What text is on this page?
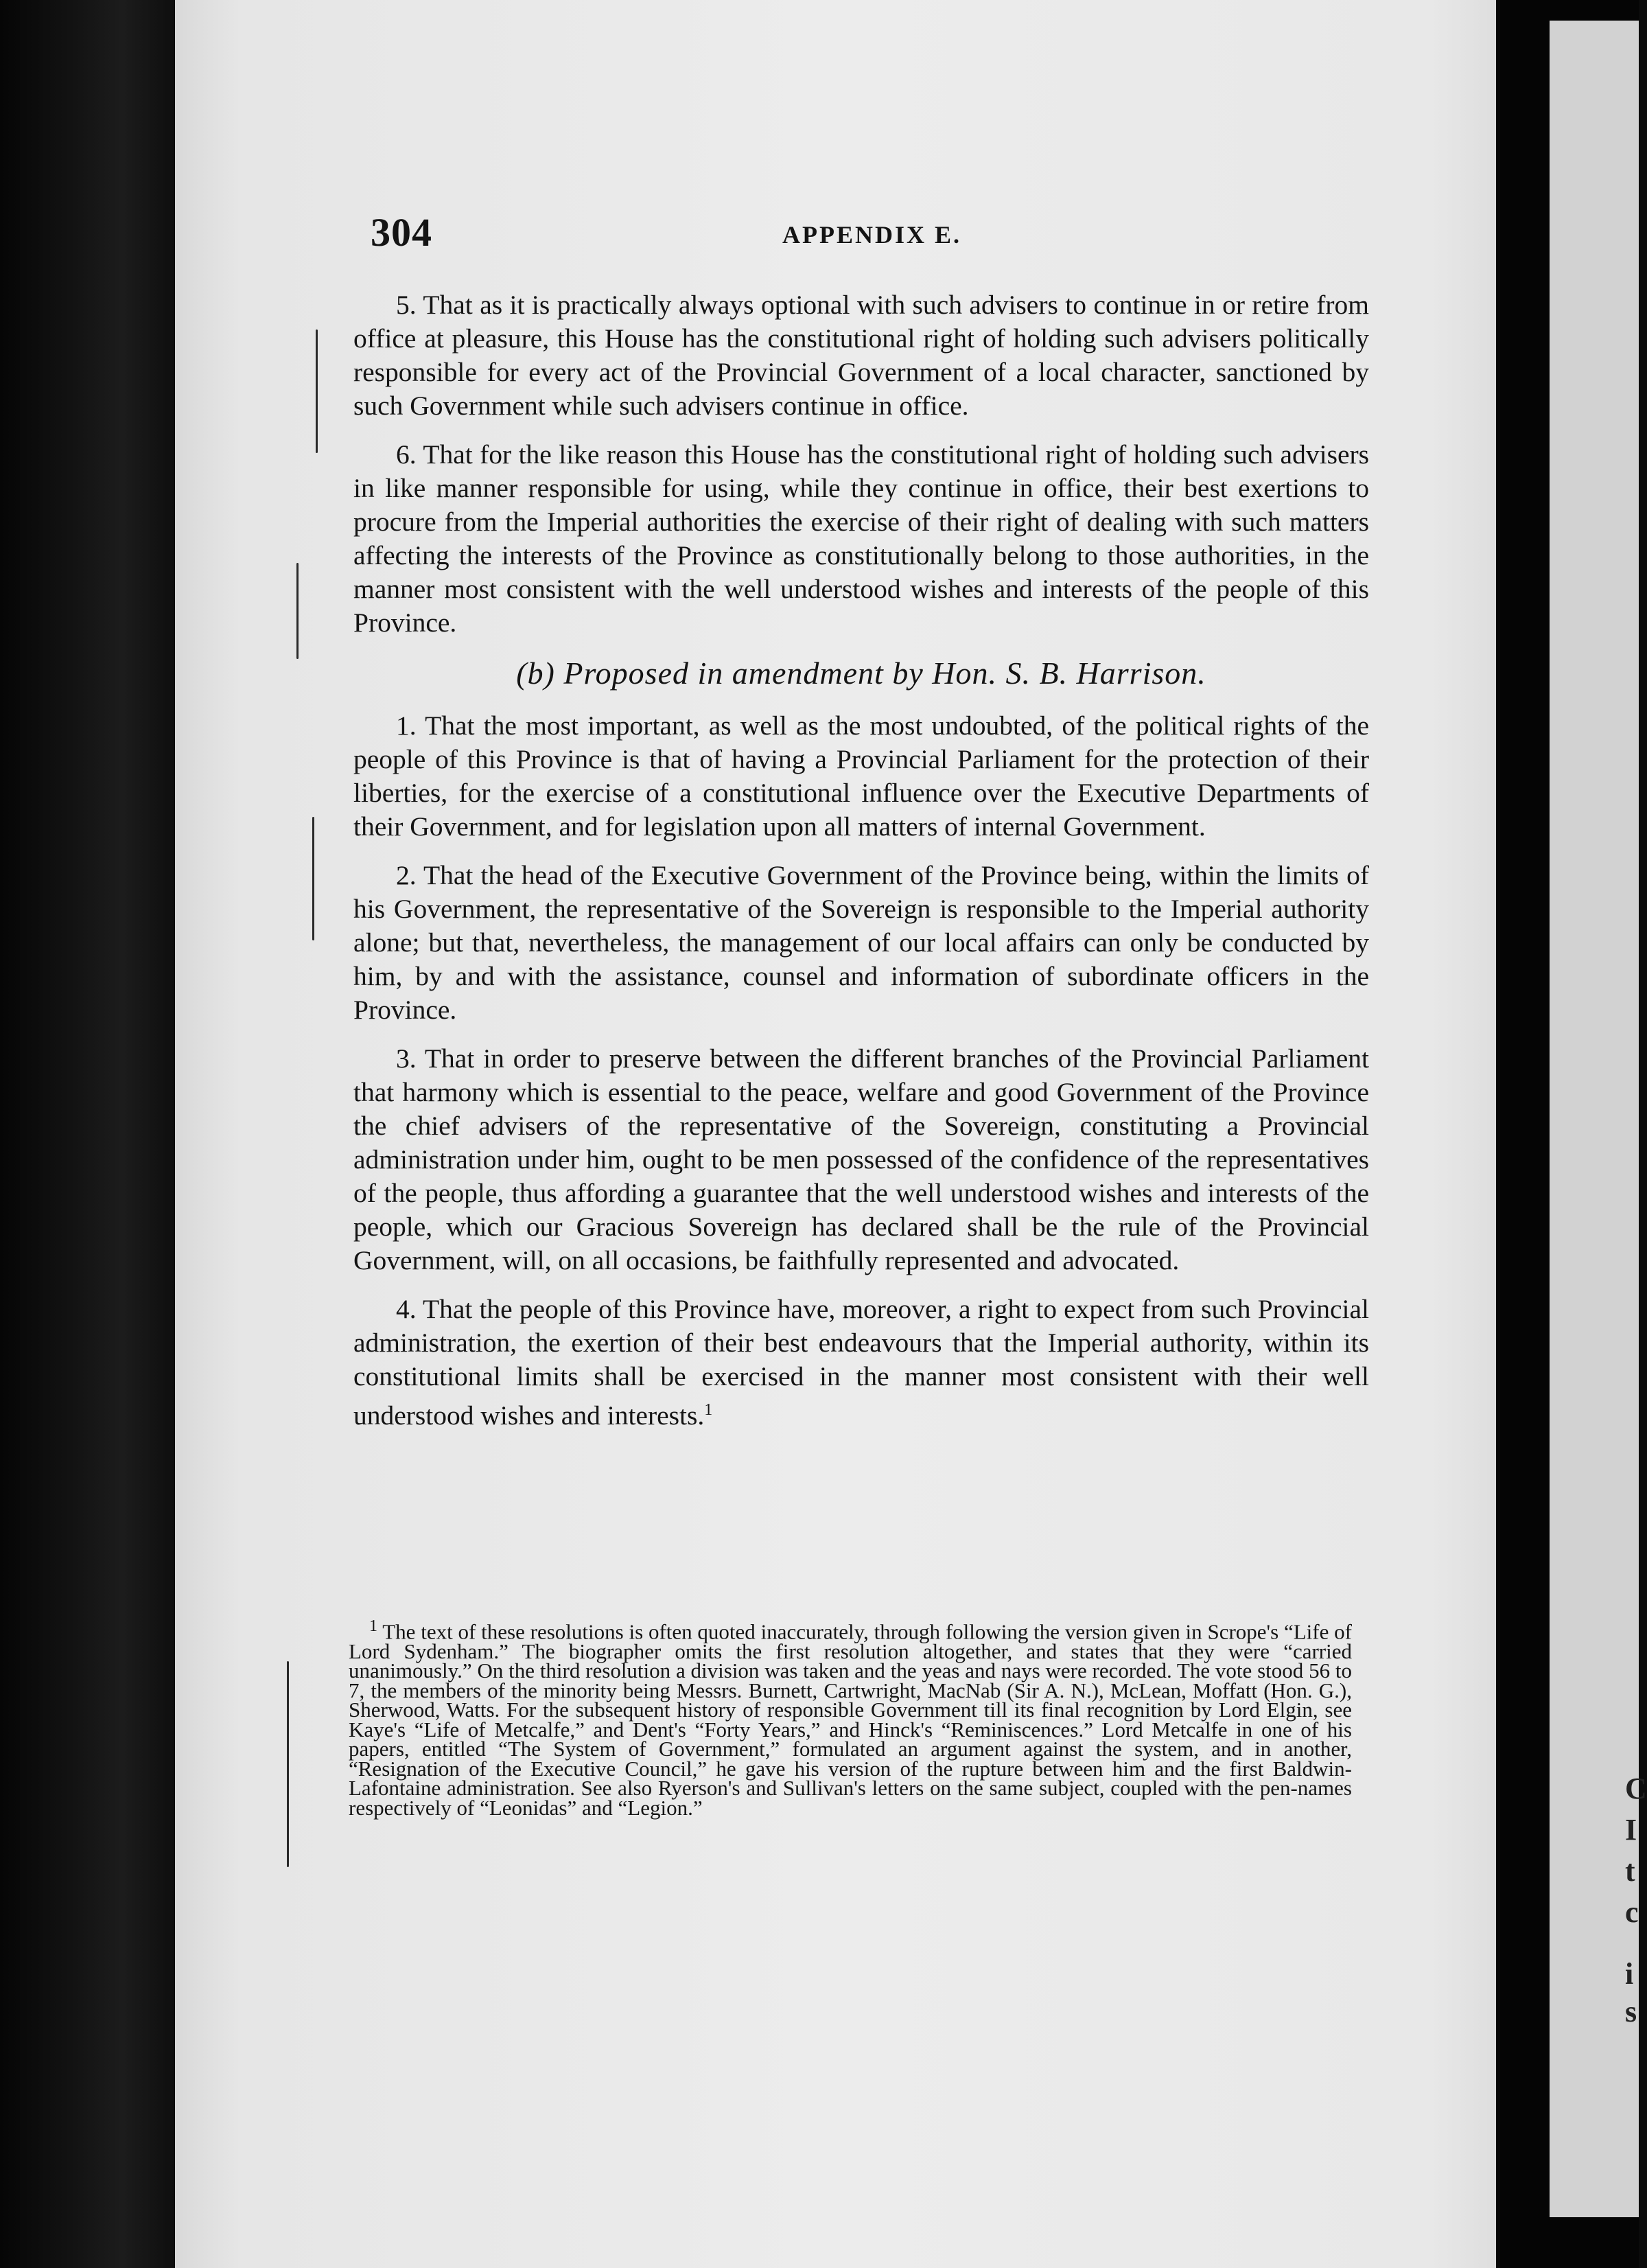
C
I
t
c
i
s
304	APPENDIX E.

5. That as it is practically always optional with such advisers to continue in or retire from office at pleasure, this House has the constitutional right of holding such advisers politically responsible for every act of the Provincial Government of a local character, sanctioned by such Government while such advisers continue in office.

6. That for the like reason this House has the constitutional right of holding such advisers in like manner responsible for using, while they continue in office, their best exertions to procure from the Imperial authorities the exercise of their right of dealing with such matters affecting the interests of the Province as constitutionally belong to those authorities, in the manner most consistent with the well understood wishes and interests of the people of this Province.

(b) Proposed in amendment by Hon. S. B. Harrison.

1. That the most important, as well as the most undoubted, of the political rights of the people of this Province is that of having a Provincial Parliament for the protection of their liberties, for the exercise of a constitutional influence over the Executive Departments of their Government, and for legislation upon all matters of internal Government.

2. That the head of the Executive Government of the Province being, within the limits of his Government, the representative of the Sovereign is responsible to the Imperial authority alone; but that, nevertheless, the management of our local affairs can only be conducted by him, by and with the assistance, counsel and information of subordinate officers in the Province.

3. That in order to preserve between the different branches of the Provincial Parliament that harmony which is essential to the peace, welfare and good Government of the Province the chief advisers of the representative of the Sovereign, constituting a Provincial administration under him, ought to be men possessed of the confidence of the representatives of the people, thus affording a guarantee that the well understood wishes and interests of the people, which our Gracious Sovereign has declared shall be the rule of the Provincial Government, will, on all occasions, be faithfully represented and advocated.

4. That the people of this Province have, moreover, a right to expect from such Provincial administration, the exertion of their best endeavours that the Imperial authority, within its constitutional limits shall be exercised in the manner most consistent with their well understood wishes and interests.$^1$

$^1$ The text of these resolutions is often quoted inaccurately, through following the version given in Scrope's “Life of Lord Sydenham.” The biographer omits the first resolution altogether, and states that they were “carried unanimously.” On the third resolution a division was taken and the yeas and nays were recorded. The vote stood 56 to 7, the members of the minority being Messrs. Burnett, Cartwright, MacNab (Sir A. N.), McLean, Moffatt (Hon. G.), Sherwood, Watts. For the subsequent history of responsible Government till its final recognition by Lord Elgin, see Kaye's “Life of Metcalfe,” and Dent's “Forty Years,” and Hinck's “Reminiscences.” Lord Metcalfe in one of his papers, entitled “The System of Government,” formulated an argument against the system, and in another, “Resignation of the Executive Council,” he gave his version of the rupture between him and the first Baldwin-Lafontaine administration. See also Ryerson's and Sullivan's letters on the same subject, coupled with the pen-names respectively of “Leonidas” and “Legion.”
